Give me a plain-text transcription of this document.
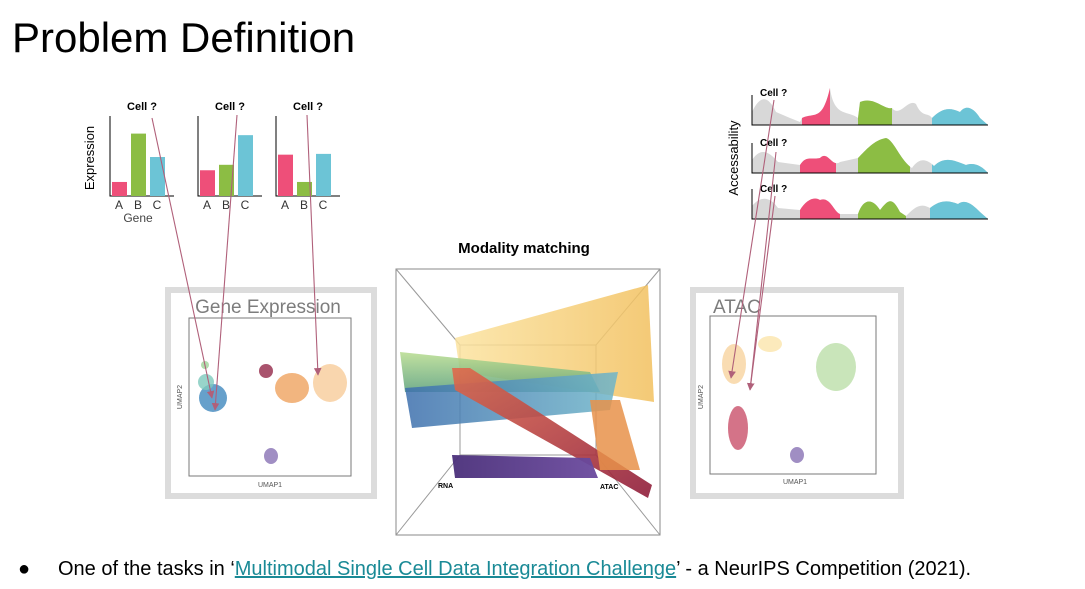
Problem Definition
Expression
Gene
Cell ?
A B C
Cell ?
A B C
Cell ?
A B C
Accessability
Cell ?
Cell ?
Cell ?
Gene Expression
UMAP1
UMAP2
ATAC
UMAP1
UMAP2
Modality matching
RNA	ATAC
● One of the tasks in ‘Multimodal Single Cell Data Integration Challenge’ - a NeurIPS Competition (2021).
